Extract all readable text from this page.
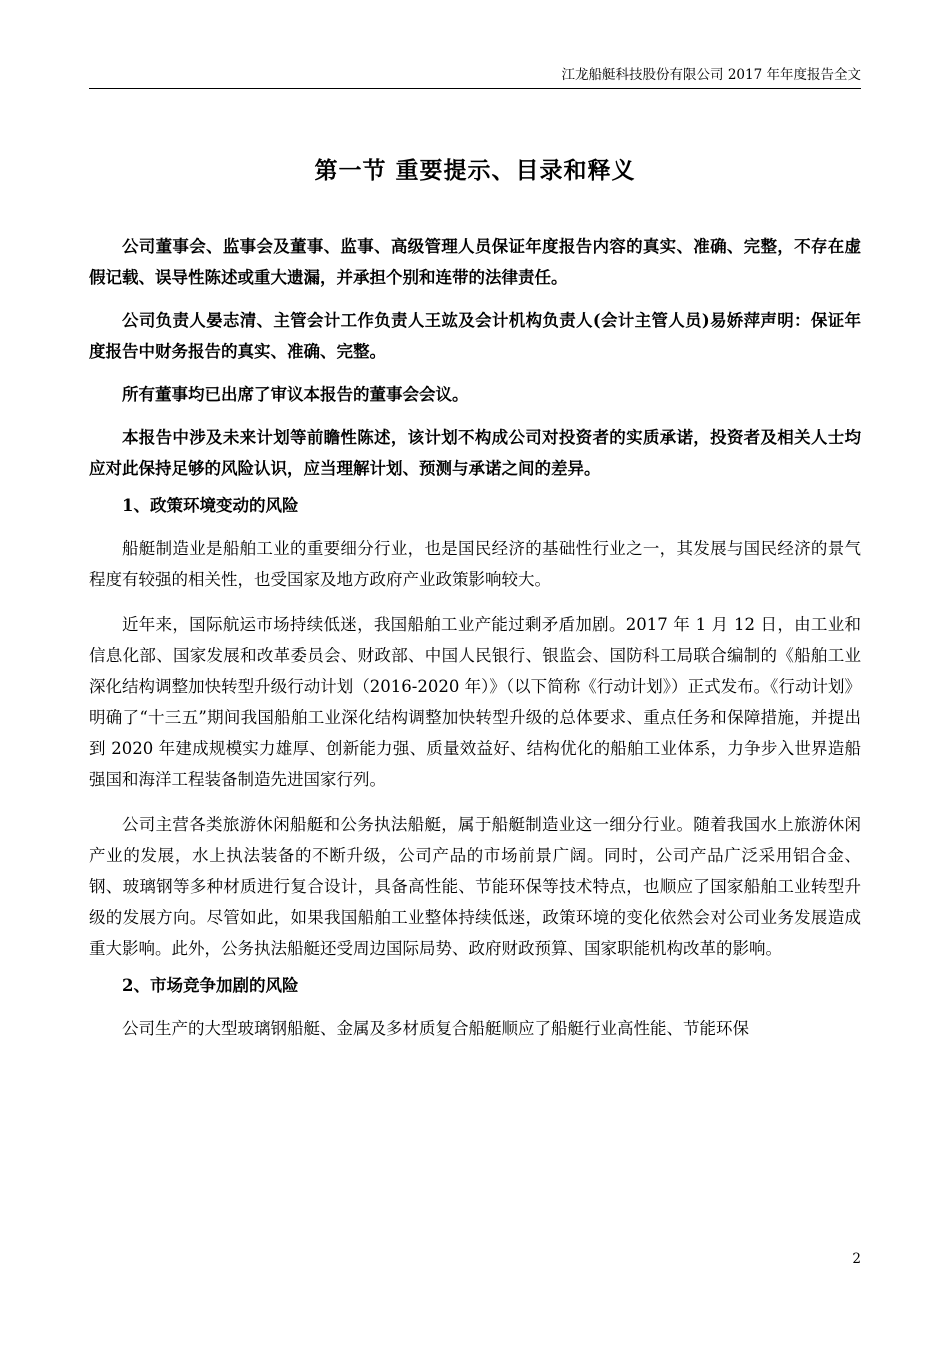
江龙船艇科技股份有限公司 2017 年年度报告全文
第一节 重要提示、目录和释义

公司董事会、监事会及董事、监事、高级管理人员保证年度报告内容的真实、准确、完整，不存在虚假记载、误导性陈述或重大遗漏，并承担个别和连带的法律责任。

公司负责人晏志清、主管会计工作负责人王竑及会计机构负责人(会计主管人员)易娇萍声明：保证年度报告中财务报告的真实、准确、完整。

所有董事均已出席了审议本报告的董事会会议。

本报告中涉及未来计划等前瞻性陈述，该计划不构成公司对投资者的实质承诺，投资者及相关人士均应对此保持足够的风险认识，应当理解计划、预测与承诺之间的差异。

1、政策环境变动的风险

船艇制造业是船舶工业的重要细分行业，也是国民经济的基础性行业之一，其发展与国民经济的景气程度有较强的相关性，也受国家及地方政府产业政策影响较大。

近年来，国际航运市场持续低迷，我国船舶工业产能过剩矛盾加剧。2017 年 1 月 12 日，由工业和信息化部、国家发展和改革委员会、财政部、中国人民银行、银监会、国防科工局联合编制的《船舶工业深化结构调整加快转型升级行动计划（2016-2020 年）》（以下简称《行动计划》）正式发布。《行动计划》明确了“十三五”期间我国船舶工业深化结构调整加快转型升级的总体要求、重点任务和保障措施，并提出到 2020 年建成规模实力雄厚、创新能力强、质量效益好、结构优化的船舶工业体系，力争步入世界造船强国和海洋工程装备制造先进国家行列。

公司主营各类旅游休闲船艇和公务执法船艇，属于船艇制造业这一细分行业。随着我国水上旅游休闲产业的发展，水上执法装备的不断升级，公司产品的市场前景广阔。同时，公司产品广泛采用铝合金、钢、玻璃钢等多种材质进行复合设计，具备高性能、节能环保等技术特点，也顺应了国家船舶工业转型升级的发展方向。尽管如此，如果我国船舶工业整体持续低迷，政策环境的变化依然会对公司业务发展造成重大影响。此外，公务执法船艇还受周边国际局势、政府财政预算、国家职能机构改革的影响。

2、市场竞争加剧的风险

公司生产的大型玻璃钢船艇、金属及多材质复合船艇顺应了船艇行业高性能、节能环保

2
